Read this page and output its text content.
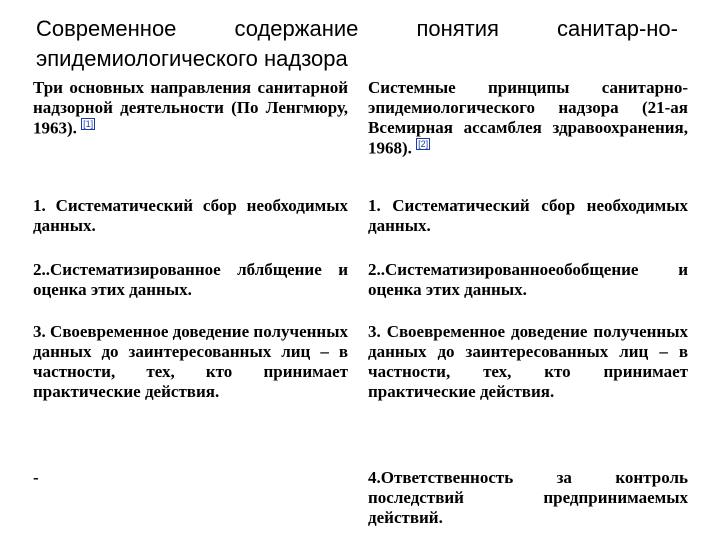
Современное содержание понятия санитар-но-эпидемиологического надзора
Три основных направления санитарной надзорной деятельности (По Ленгмюру, 1963). [1]
Системные принципы санитарно-эпидемиологического надзора (21-ая Всемирная ассамблея здравоохранения, 1968). [2]
1. Систематический сбор необходимых данных.
1. Систематический сбор необходимых данных.
2..Систематизированное лблбщение и оценка этих данных.
2..Систематизированноеобобщение и оценка этих данных.
3. Своевременное доведение полученных данных до заинтересованных лиц – в частности, тех, кто принимает практические действия.
3. Своевременное доведение полученных данных до заинтересованных лиц – в частности, тех, кто принимает практические действия.
-	4.Ответственность за контроль последствий предпринимаемых действий.
